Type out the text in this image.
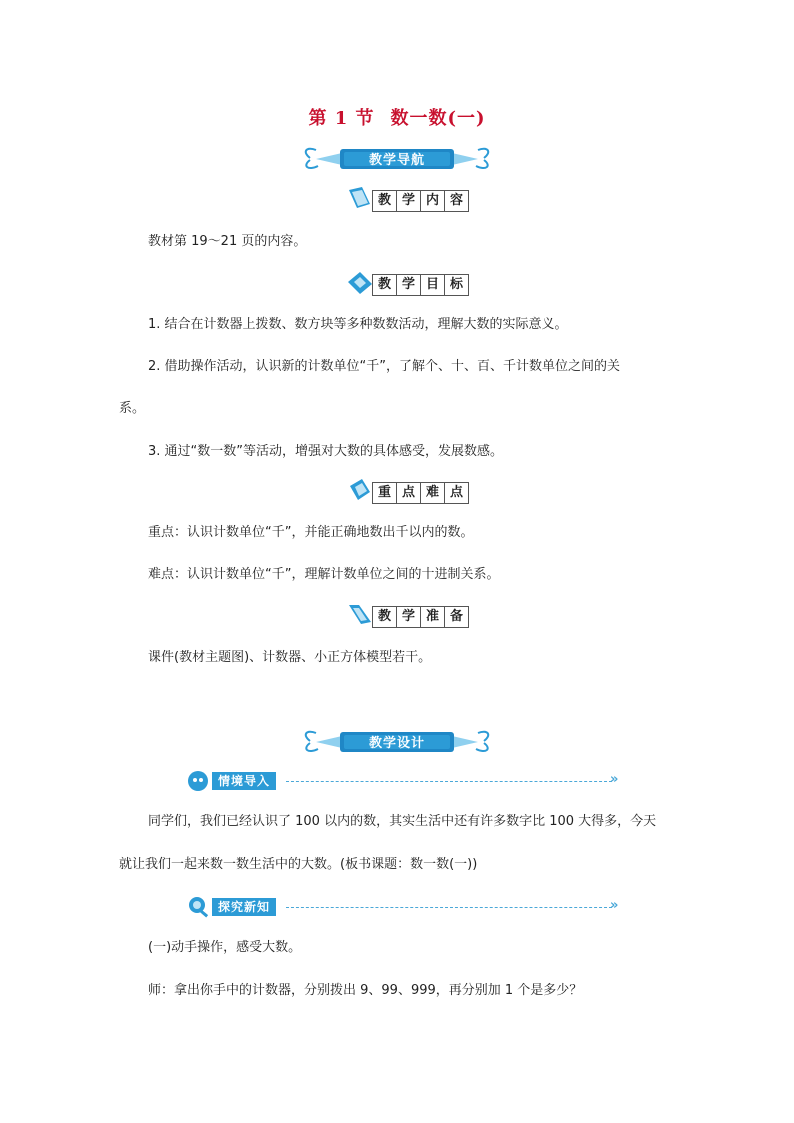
第 1 节 数一数(一)
教学导航
教 学 内 容
教材第 19～21 页的内容。
教 学 目 标
1. 结合在计数器上拨数、数方块等多种数数活动，理解大数的实际意义。
2. 借助操作活动，认识新的计数单位“千”，了解个、十、百、千计数单位之间的关
系。
3. 通过“数一数”等活动，增强对大数的具体感受，发展数感。
重 点 难 点
重点：认识计数单位“千”，并能正确地数出千以内的数。
难点：认识计数单位“千”，理解计数单位之间的十进制关系。
教 学 准 备
课件(教材主题图)、计数器、小正方体模型若干。
教学设计
情境导入	»
同学们，我们已经认识了 100 以内的数，其实生活中还有许多数字比 100 大得多，今天
就让我们一起来数一数生活中的大数。(板书课题：数一数(一))
探究新知	»
(一)动手操作，感受大数。
师：拿出你手中的计数器，分别拨出 9、99、999，再分别加 1 个是多少？
